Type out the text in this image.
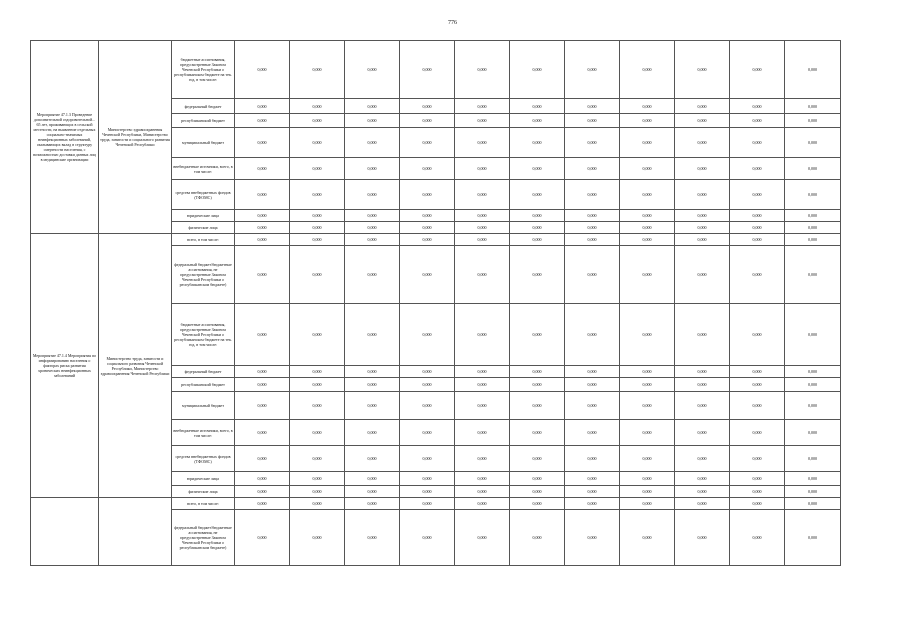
776
Мероприятие 47.1.3 Проведение дополнительной оздоровительной... 65 лет, проживающих в сельской местности, на выявление отдельных социально-значимых неинфекционных заболеваний, оказывающих вклад в структуру смертности населения, с возможностью доставки данных лиц в медицинские организации	Министерство здравоохранения Чеченской Республики, Министерство труда, занятости и социального развития Чеченской Республики	бюджетные ассигнования, предусмотренные Законом Чеченской Республики о республиканском бюджете на тек. год, в том числе:	0,000	0,000	0,000	0,000	0,000	0,000	0,000	0,000	0,000	0,000	0,000
		федеральный бюджет	0,000	0,000	0,000	0,000	0,000	0,000	0,000	0,000	0,000	0,000	0,000
		республиканский бюджет	0,000	0,000	0,000	0,000	0,000	0,000	0,000	0,000	0,000	0,000	0,000
		муниципальный бюджет	0,000	0,000	0,000	0,000	0,000	0,000	0,000	0,000	0,000	0,000	0,000
		внебюджетные источники, всего, в том числе:	0,000	0,000	0,000	0,000	0,000	0,000	0,000	0,000	0,000	0,000	0,000
		средства внебюджетных фондов (ТФОМС)	0,000	0,000	0,000	0,000	0,000	0,000	0,000	0,000	0,000	0,000	0,000
		юридические лица	0,000	0,000	0,000	0,000	0,000	0,000	0,000	0,000	0,000	0,000	0,000
		физические лица	0,000	0,000	0,000	0,000	0,000	0,000	0,000	0,000	0,000	0,000	0,000
Мероприятие 47.1.4 Мероприятия по информированию населения о факторах риска развития хронических неинфекционных заболеваний	Министерство труда, занятости и социального развития Чеченской Республики, Министерство здравоохранения Чеченской Республики	всего, в том числе:	0,000	0,000	0,000	0,000	0,000	0,000	0,000	0,000	0,000	0,000	0,000
		федеральный бюджет/бюджетные ассигнования, не предусмотренные Законом Чеченской Республики о республиканском бюджете)	0,000	0,000	0,000	0,000	0,000	0,000	0,000	0,000	0,000	0,000	0,000
		бюджетные ассигнования, предусмотренные Законом Чеченской Республики о республиканском бюджете на тек. год, в том числе:	0,000	0,000	0,000	0,000	0,000	0,000	0,000	0,000	0,000	0,000	0,000
		федеральный бюджет	0,000	0,000	0,000	0,000	0,000	0,000	0,000	0,000	0,000	0,000	0,000
		республиканский бюджет	0,000	0,000	0,000	0,000	0,000	0,000	0,000	0,000	0,000	0,000	0,000
		муниципальный бюджет	0,000	0,000	0,000	0,000	0,000	0,000	0,000	0,000	0,000	0,000	0,000
		внебюджетные источники, всего, в том числе:	0,000	0,000	0,000	0,000	0,000	0,000	0,000	0,000	0,000	0,000	0,000
		средства внебюджетных фондов (ТФОМС)	0,000	0,000	0,000	0,000	0,000	0,000	0,000	0,000	0,000	0,000	0,000
		юридические лица	0,000	0,000	0,000	0,000	0,000	0,000	0,000	0,000	0,000	0,000	0,000
		физические лица	0,000	0,000	0,000	0,000	0,000	0,000	0,000	0,000	0,000	0,000	0,000
		всего, в том числе:	0,000	0,000	0,000	0,000	0,000	0,000	0,000	0,000	0,000	0,000	0,000
		федеральный бюджет/бюджетные ассигнования, не предусмотренные Законом Чеченской Республики о республиканском бюджете)	0,000	0,000	0,000	0,000	0,000	0,000	0,000	0,000	0,000	0,000	0,000
